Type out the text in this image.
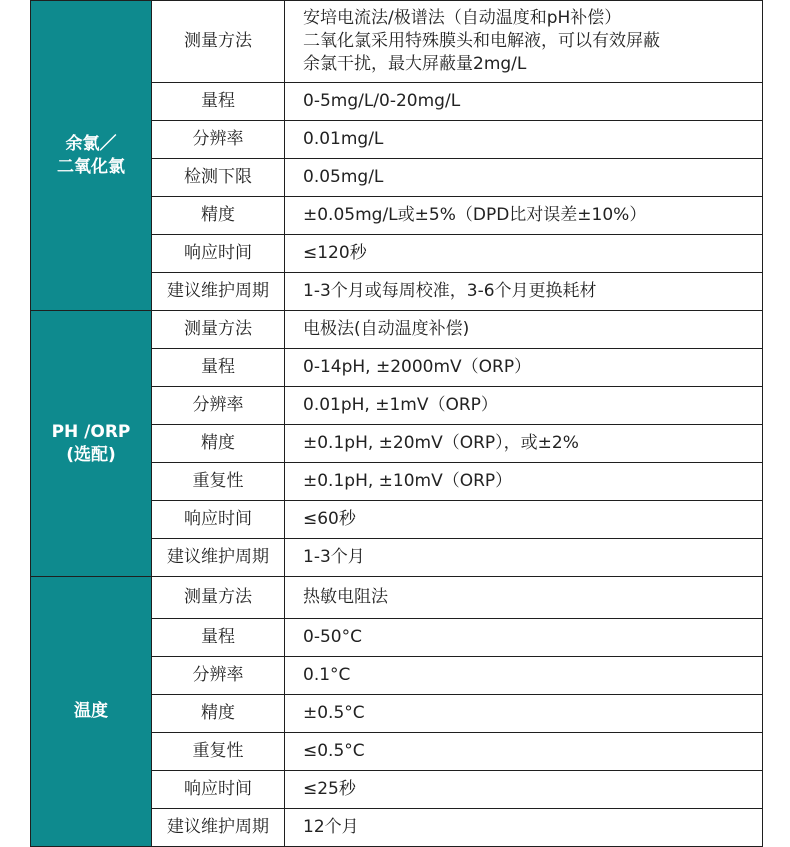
余氯／
二氧化氯	测量方法	安培电流法/极谱法（自动温度和pH补偿）
二氧化氯采用特殊膜头和电解液，可以有效屏蔽
余氯干扰，最大屏蔽量2mg/L

	量程	0-5mg/L/0-20mg/L

	分辨率	0.01mg/L

	检测下限	0.05mg/L

	精度	±0.05mg/L或±5%（DPD比对误差±10%）

	响应时间	≤120秒

	建议维护周期	1-3个月或每周校准，3-6个月更换耗材

PH /ORP
(选配)	测量方法	电极法(自动温度补偿)

	量程	0-14pH, ±2000mV（ORP）

	分辨率	0.01pH, ±1mV（ORP）

	精度	±0.1pH, ±20mV（ORP），或±2%

	重复性	±0.1pH, ±10mV（ORP）

	响应时间	≤60秒

	建议维护周期	1-3个月

温度	测量方法	热敏电阻法

	量程	0-50°C

	分辨率	0.1°C

	精度	±0.5°C

	重复性	≤0.5°C

	响应时间	≤25秒

	建议维护周期	12个月
